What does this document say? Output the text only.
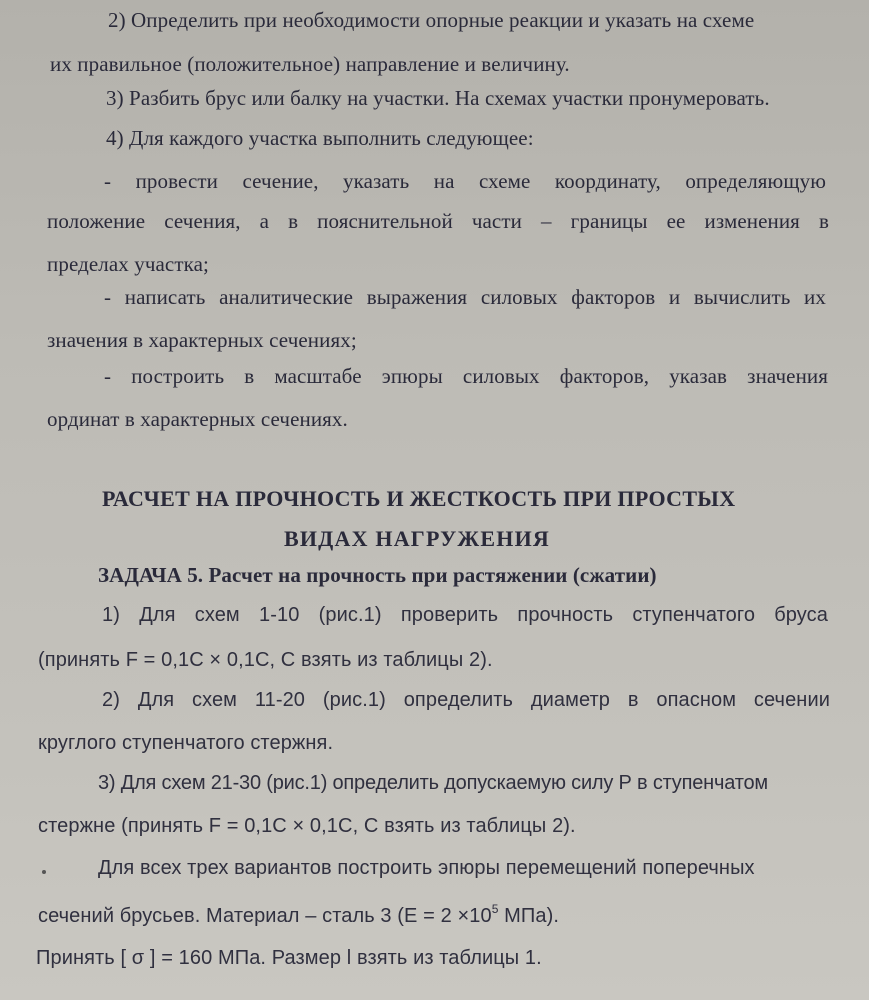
2) Определить при необходимости опорные реакции и указать на схеме
их правильное (положительное) направление и величину.
3) Разбить брус или балку на участки. На схемах участки пронумеровать.
4) Для каждого участка выполнить следующее:
- провести сечение, указать на схеме координату, определяющую
положение сечения, а в пояснительной части – границы ее изменения в
пределах участка;
- написать аналитические выражения силовых факторов и вычислить их
значения в характерных сечениях;
- построить в масштабе эпюры силовых факторов, указав значения
ординат в характерных сечениях.
РАСЧЕТ НА ПРОЧНОСТЬ И ЖЕСТКОСТЬ ПРИ ПРОСТЫХ
ВИДАХ НАГРУЖЕНИЯ
ЗАДАЧА 5. Расчет на прочность при растяжении (сжатии)
1) Для схем 1-10 (рис.1) проверить прочность ступенчатого бруса
(принять F = 0,1С × 0,1С, С взять из таблицы 2).
2) Для схем 11-20 (рис.1) определить диаметр в опасном сечении
круглого ступенчатого стержня.
3) Для схем 21-30 (рис.1) определить допускаемую силу Р в ступенчатом
стержне (принять F = 0,1С × 0,1С, С взять из таблицы 2).
Для всех трех вариантов построить эпюры перемещений поперечных
сечений брусьев. Материал – сталь 3 ($E = 2 \times 10^5$ МПа).
Принять [ σ ] = 160 МПа. Размер l взять из таблицы 1.
